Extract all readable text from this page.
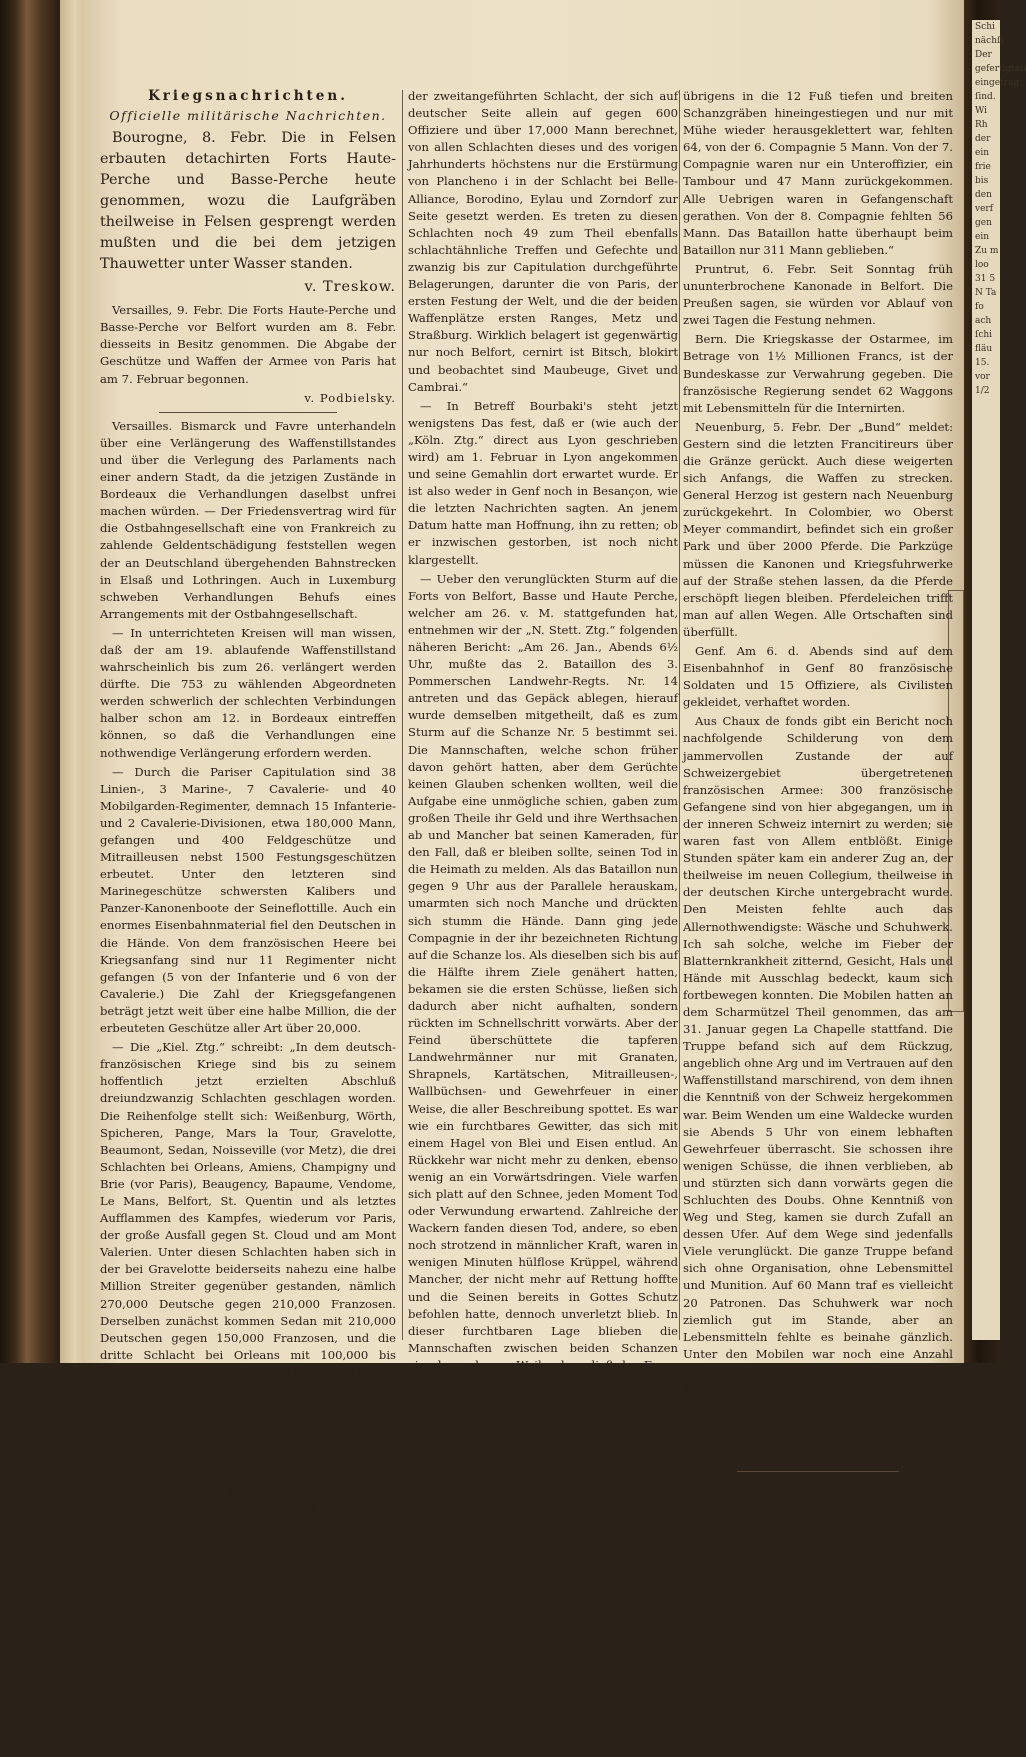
Schi nächſt Der gefertigten eingetrag ſind. Wi Rh der ein frie bis den verf gen ein Zu m loo 31 5 N Ta fo ach ſchi fläu 15. vor 1/2
Kriegsnachrichten.
Officielle militärische Nachrichten.

Bourogne, 8. Febr. Die in Felsen erbauten detachirten Forts Haute-Perche und Basse-Perche heute genommen, wozu die Laufgräben theilweise in Felsen gesprengt werden mußten und die bei dem jetzigen Thauwetter unter Wasser standen.

v. Treskow.

Versailles, 9. Febr. Die Forts Haute-Perche und Basse-Perche vor Belfort wurden am 8. Febr. diesseits in Besitz genommen. Die Abgabe der Geschütze und Waffen der Armee von Paris hat am 7. Februar begonnen.

v. Podbielsky.

Versailles. Bismarck und Favre unterhandeln über eine Verlängerung des Waffenstillstandes und über die Verlegung des Parlaments nach einer andern Stadt, da die jetzigen Zustände in Bordeaux die Verhandlungen daselbst unfrei machen würden. — Der Friedensvertrag wird für die Ostbahngesellschaft eine von Frankreich zu zahlende Geldentschädigung feststellen wegen der an Deutschland übergehenden Bahnstrecken in Elsaß und Lothringen. Auch in Luxemburg schweben Verhandlungen Behufs eines Arrangements mit der Ostbahngesellschaft.

— In unterrichteten Kreisen will man wissen, daß der am 19. ablaufende Waffenstillstand wahrscheinlich bis zum 26. verlängert werden dürfte. Die 753 zu wählenden Abgeordneten werden schwerlich der schlechten Verbindungen halber schon am 12. in Bordeaux eintreffen können, so daß die Verhandlungen eine nothwendige Verlängerung erfordern werden.

— Durch die Pariser Capitulation sind 38 Linien-, 3 Marine-, 7 Cavalerie- und 40 Mobilgarden-Regimenter, demnach 15 Infanterie- und 2 Cavalerie-Divisionen, etwa 180,000 Mann, gefangen und 400 Feldgeschütze und Mitrailleusen nebst 1500 Festungsgeschützen erbeutet. Unter den letzteren sind Marinegeschütze schwersten Kalibers und Panzer-Kanonenboote der Seineflottille. Auch ein enormes Eisenbahnmaterial fiel den Deutschen in die Hände. Von dem französischen Heere bei Kriegsanfang sind nur 11 Regimenter nicht gefangen (5 von der Infanterie und 6 von der Cavalerie.) Die Zahl der Kriegsgefangenen beträgt jetzt weit über eine halbe Million, die der erbeuteten Geschütze aller Art über 20,000.

— Die „Kiel. Ztg.“ schreibt: „In dem deutsch-französischen Kriege sind bis zu seinem hoffentlich jetzt erzielten Abschluß dreiundzwanzig Schlachten geschlagen worden. Die Reihenfolge stellt sich: Weißenburg, Wörth, Spicheren, Pange, Mars la Tour, Gravelotte, Beaumont, Sedan, Noisseville (vor Metz), die drei Schlachten bei Orleans, Amiens, Champigny und Brie (vor Paris), Beaugency, Bapaume, Vendome, Le Mans, Belfort, St. Quentin und als letztes Aufflammen des Kampfes, wiederum vor Paris, der große Ausfall gegen St. Cloud und am Mont Valerien. Unter diesen Schlachten haben sich in der bei Gravelotte beiderseits nahezu eine halbe Million Streiter gegenüber gestanden, nämlich 270,000 Deutsche gegen 210,000 Franzosen. Derselben zunächst kommen Sedan mit 210,000 Deutschen gegen 150,000 Franzosen, und die dritte Schlacht bei Orleans mit 100,000 bis 120,000 Deutschen gegen 200,000 bis 240,000 Franzosen. Zum ungleichartigsten hat sich das Zahlenverhältniß bei Mars la Tour und Belfort herausgestellt, wo in ersterer Schlacht von 8 Uhr Morgens bis gegen 4 Uhr Nachmittags höchstens 45,000 Preußen gleich von Anfang an wider 160,000 und schon gegen Mittag fast 200,000 Franzosen gekämpft haben, während vor Belfort höchstens 30—36,000 Preußen und Badenser 90—120,000 Feinden die Stirn bieten mußten. Auch für Bapaume stellt sich nahezu ein ähnliches Zahlenverhältniß. Die größten Verluste deutscher- wie französischerseits weisen die drei Schlachten vor Metz (Pange, Mars la Tour und Gravelotte) aus und können namentlich dem riesigen Verluste

der zweitangeführten Schlacht, der sich auf deutscher Seite allein auf gegen 600 Offiziere und über 17,000 Mann berechnet, von allen Schlachten dieses und des vorigen Jahrhunderts höchstens nur die Erstürmung von Plancheno i in der Schlacht bei Belle-Alliance, Borodino, Eylau und Zorndorf zur Seite gesetzt werden. Es treten zu diesen Schlachten noch 49 zum Theil ebenfalls schlachtähnliche Treffen und Gefechte und zwanzig bis zur Capitulation durchgeführte Belagerungen, darunter die von Paris, der ersten Festung der Welt, und die der beiden Waffenplätze ersten Ranges, Metz und Straßburg. Wirklich belagert ist gegenwärtig nur noch Belfort, cernirt ist Bitsch, blokirt und beobachtet sind Maubeuge, Givet und Cambrai.“

— In Betreff Bourbaki's steht jetzt wenigstens Das fest, daß er (wie auch der „Köln. Ztg.“ direct aus Lyon geschrieben wird) am 1. Februar in Lyon angekommen und seine Gemahlin dort erwartet wurde. Er ist also weder in Genf noch in Besançon, wie die letzten Nachrichten sagten. An jenem Datum hatte man Hoffnung, ihn zu retten; ob er inzwischen gestorben, ist noch nicht klargestellt.

— Ueber den verunglückten Sturm auf die Forts von Belfort, Basse und Haute Perche, welcher am 26. v. M. stattgefunden hat, entnehmen wir der „N. Stett. Ztg.“ folgenden näheren Bericht: „Am 26. Jan., Abends 6½ Uhr, mußte das 2. Bataillon des 3. Pommerschen Landwehr-Regts. Nr. 14 antreten und das Gepäck ablegen, hierauf wurde demselben mitgetheilt, daß es zum Sturm auf die Schanze Nr. 5 bestimmt sei. Die Mannschaften, welche schon früher davon gehört hatten, aber dem Gerüchte keinen Glauben schenken wollten, weil die Aufgabe eine unmögliche schien, gaben zum großen Theile ihr Geld und ihre Werthsachen ab und Mancher bat seinen Kameraden, für den Fall, daß er bleiben sollte, seinen Tod in die Heimath zu melden. Als das Bataillon nun gegen 9 Uhr aus der Parallele herauskam, umarmten sich noch Manche und drückten sich stumm die Hände. Dann ging jede Compagnie in der ihr bezeichneten Richtung auf die Schanze los. Als dieselben sich bis auf die Hälfte ihrem Ziele genähert hatten, bekamen sie die ersten Schüsse, ließen sich dadurch aber nicht aufhalten, sondern rückten im Schnellschritt vorwärts. Aber der Feind überschüttete die tapferen Landwehrmänner nur mit Granaten, Shrapnels, Kartätschen, Mitrailleusen-, Wallbüchsen- und Gewehrfeuer in einer Weise, die aller Beschreibung spottet. Es war wie ein furchtbares Gewitter, das sich mit einem Hagel von Blei und Eisen entlud. An Rückkehr war nicht mehr zu denken, ebenso wenig an ein Vorwärtsdringen. Viele warfen sich platt auf den Schnee, jeden Moment Tod oder Verwundung erwartend. Zahlreiche der Wackern fanden diesen Tod, andere, so eben noch strotzend in männlicher Kraft, waren in wenigen Minuten hülflose Krüppel, während Mancher, der nicht mehr auf Rettung hoffte und die Seinen bereits in Gottes Schutz befohlen hatte, dennoch unverletzt blieb. In dieser furchtbaren Lage blieben die Mannschaften zwischen beiden Schanzen eine lange bange Weile, dann ließ das Feuer des Feindes etwas nach. Die Nacht deckte gnädig die Bilder des Schreckens zu, die rings sich entfalteten: viele Krieger wälzten sich in ihrem Blut, während das Aechzen der Sterbenden erscholl und wer immer konnte, auf dem Bauche zurück aus dem Bereiche der feindlichen Geschosse kroch. Plötzlich brach der Feind hervor, um den Rest des Bataillons gefangen zu nehmen. Die 5. Compagnie sah ich auf den Ruf ihres Führers genöthigt, in der Flucht ihre Rettung zu suchen. Jeder, der nur konnte, lief. Viele, die nicht nachkommen konnten, riefen um Hülfe, leider vergebens! Eine große Anzahl kam, ohne Gewehre zurück. Endlich erreichten die Mannschaften, matt und abgehetzt von Strapazen und Schrecken, die Parallele. Der Verlust des Bataillons konnte erst am nächsten Morgen, als dasselbe antrat, festgestellt werden. Dasselbe hatte etwa 350 Mann eingebüßt. Von der 5. Compagnie, welche

übrigens in die 12 Fuß tiefen und breiten Schanzgräben hineingestiegen und nur mit Mühe wieder herausgeklettert war, fehlten 64, von der 6. Compagnie 5 Mann. Von der 7. Compagnie waren nur ein Unteroffizier, ein Tambour und 47 Mann zurückgekommen. Alle Uebrigen waren in Gefangenschaft gerathen. Von der 8. Compagnie fehlten 56 Mann. Das Bataillon hatte überhaupt beim Bataillon nur 311 Mann geblieben.“

Pruntrut, 6. Febr. Seit Sonntag früh ununterbrochene Kanonade in Belfort. Die Preußen sagen, sie würden vor Ablauf von zwei Tagen die Festung nehmen.

Bern. Die Kriegskasse der Ostarmee, im Betrage von 1½ Millionen Francs, ist der Bundeskasse zur Verwahrung gegeben. Die französische Regierung sendet 62 Waggons mit Lebensmitteln für die Internirten.

Neuenburg, 5. Febr. Der „Bund“ meldet: Gestern sind die letzten Francitireurs über die Gränze gerückt. Auch diese weigerten sich Anfangs, die Waffen zu strecken. General Herzog ist gestern nach Neuenburg zurückgekehrt. In Colombier, wo Oberst Meyer commandirt, befindet sich ein großer Park und über 2000 Pferde. Die Parkzüge müssen die Kanonen und Kriegsfuhrwerke auf der Straße stehen lassen, da die Pferde erschöpft liegen bleiben. Pferdeleichen trifft man auf allen Wegen. Alle Ortschaften sind überfüllt.

Genf. Am 6. d. Abends sind auf dem Eisenbahnhof in Genf 80 französische Soldaten und 15 Offiziere, als Civilisten gekleidet, verhaftet worden.

Aus Chaux de fonds gibt ein Bericht noch nachfolgende Schilderung von dem jammervollen Zustande der auf Schweizergebiet übergetretenen französischen Armee: 300 französische Gefangene sind von hier abgegangen, um in der inneren Schweiz internirt zu werden; sie waren fast von Allem entblößt. Einige Stunden später kam ein anderer Zug an, der theilweise im neuen Collegium, theilweise in der deutschen Kirche untergebracht wurde. Den Meisten fehlte auch das Allernothwendigste: Wäsche und Schuhwerk. Ich sah solche, welche im Fieber der Blatternkrankheit zitternd, Gesicht, Hals und Hände mit Ausschlag bedeckt, kaum sich fortbewegen konnten. Die Mobilen hatten an dem Scharmützel Theil genommen, das am 31. Januar gegen La Chapelle stattfand. Die Truppe befand sich auf dem Rückzug, angeblich ohne Arg und im Vertrauen auf den Waffenstillstand marschirend, von dem ihnen die Kenntniß von der Schweiz hergekommen war. Beim Wenden um eine Waldecke wurden sie Abends 5 Uhr von einem lebhaften Gewehrfeuer überrascht. Sie schossen ihre wenigen Schüsse, die ihnen verblieben, ab und stürzten sich dann vorwärts gegen die Schluchten des Doubs. Ohne Kenntniß von Weg und Steg, kamen sie durch Zufall an dessen Ufer. Auf dem Wege sind jedenfalls Viele verunglückt. Die ganze Truppe befand sich ohne Organisation, ohne Lebensmittel und Munition. Auf 60 Mann traf es vielleicht 20 Patronen. Das Schuhwerk war noch ziemlich gut im Stande, aber an Lebensmitteln fehlte es beinahe gänzlich. Unter den Mobilen war noch eine Anzahl Zuaven und viele Francitireurs, schlecht ausgerüstet, ohne militärische Abzeichen und fast in Lumpen gehüllt. Junge Leute von 16—17 Jahren waren mehrere darunter. Die Offiziere befanden sich nicht bei der Mannschaft.

* Friedberg, 10. Febr. Heute früh gegen halb 6 Uhr wurde dahier eine ziemlich heftige Erderschütterung verspürt, welche von starkem Geräusche begleitet war. Eine gleiche Wahrnehmung wurde nach uns zugekommenen Mittheilungen auch an verschiedenen Orten der Umgegend gleichfalls um die erwähnte Zeit gemacht.

Karlsruhe. Die „K. Ztg.“ berichtet von einem abscheulichen Gaunerstückchen, dessen Opfer ein französischer Kriegsgefangener war. Derselbe, noch Rastatt bestimmt, hatte, während der Zug hielt, einen in der Nähe stehenden Burschen aus dem Wagen, worin er sich befand, gebeten, ihm etwas zu essen zu kaufen, und demselben zu dem Behufe ein 20-Frankenstück gegeben. Der Bursche nimmt das Geld und — kommt nicht wieder, und der arme Betrogene, welcher laut jammerte, daß er jetzt keinen Sou mehr besitze, muß mit dem abgehenden Zug hungrig fort und hat kaum noch Zeit, dem Stationschef seinen Namen zu hinterlassen. Die Kunde von diesem
